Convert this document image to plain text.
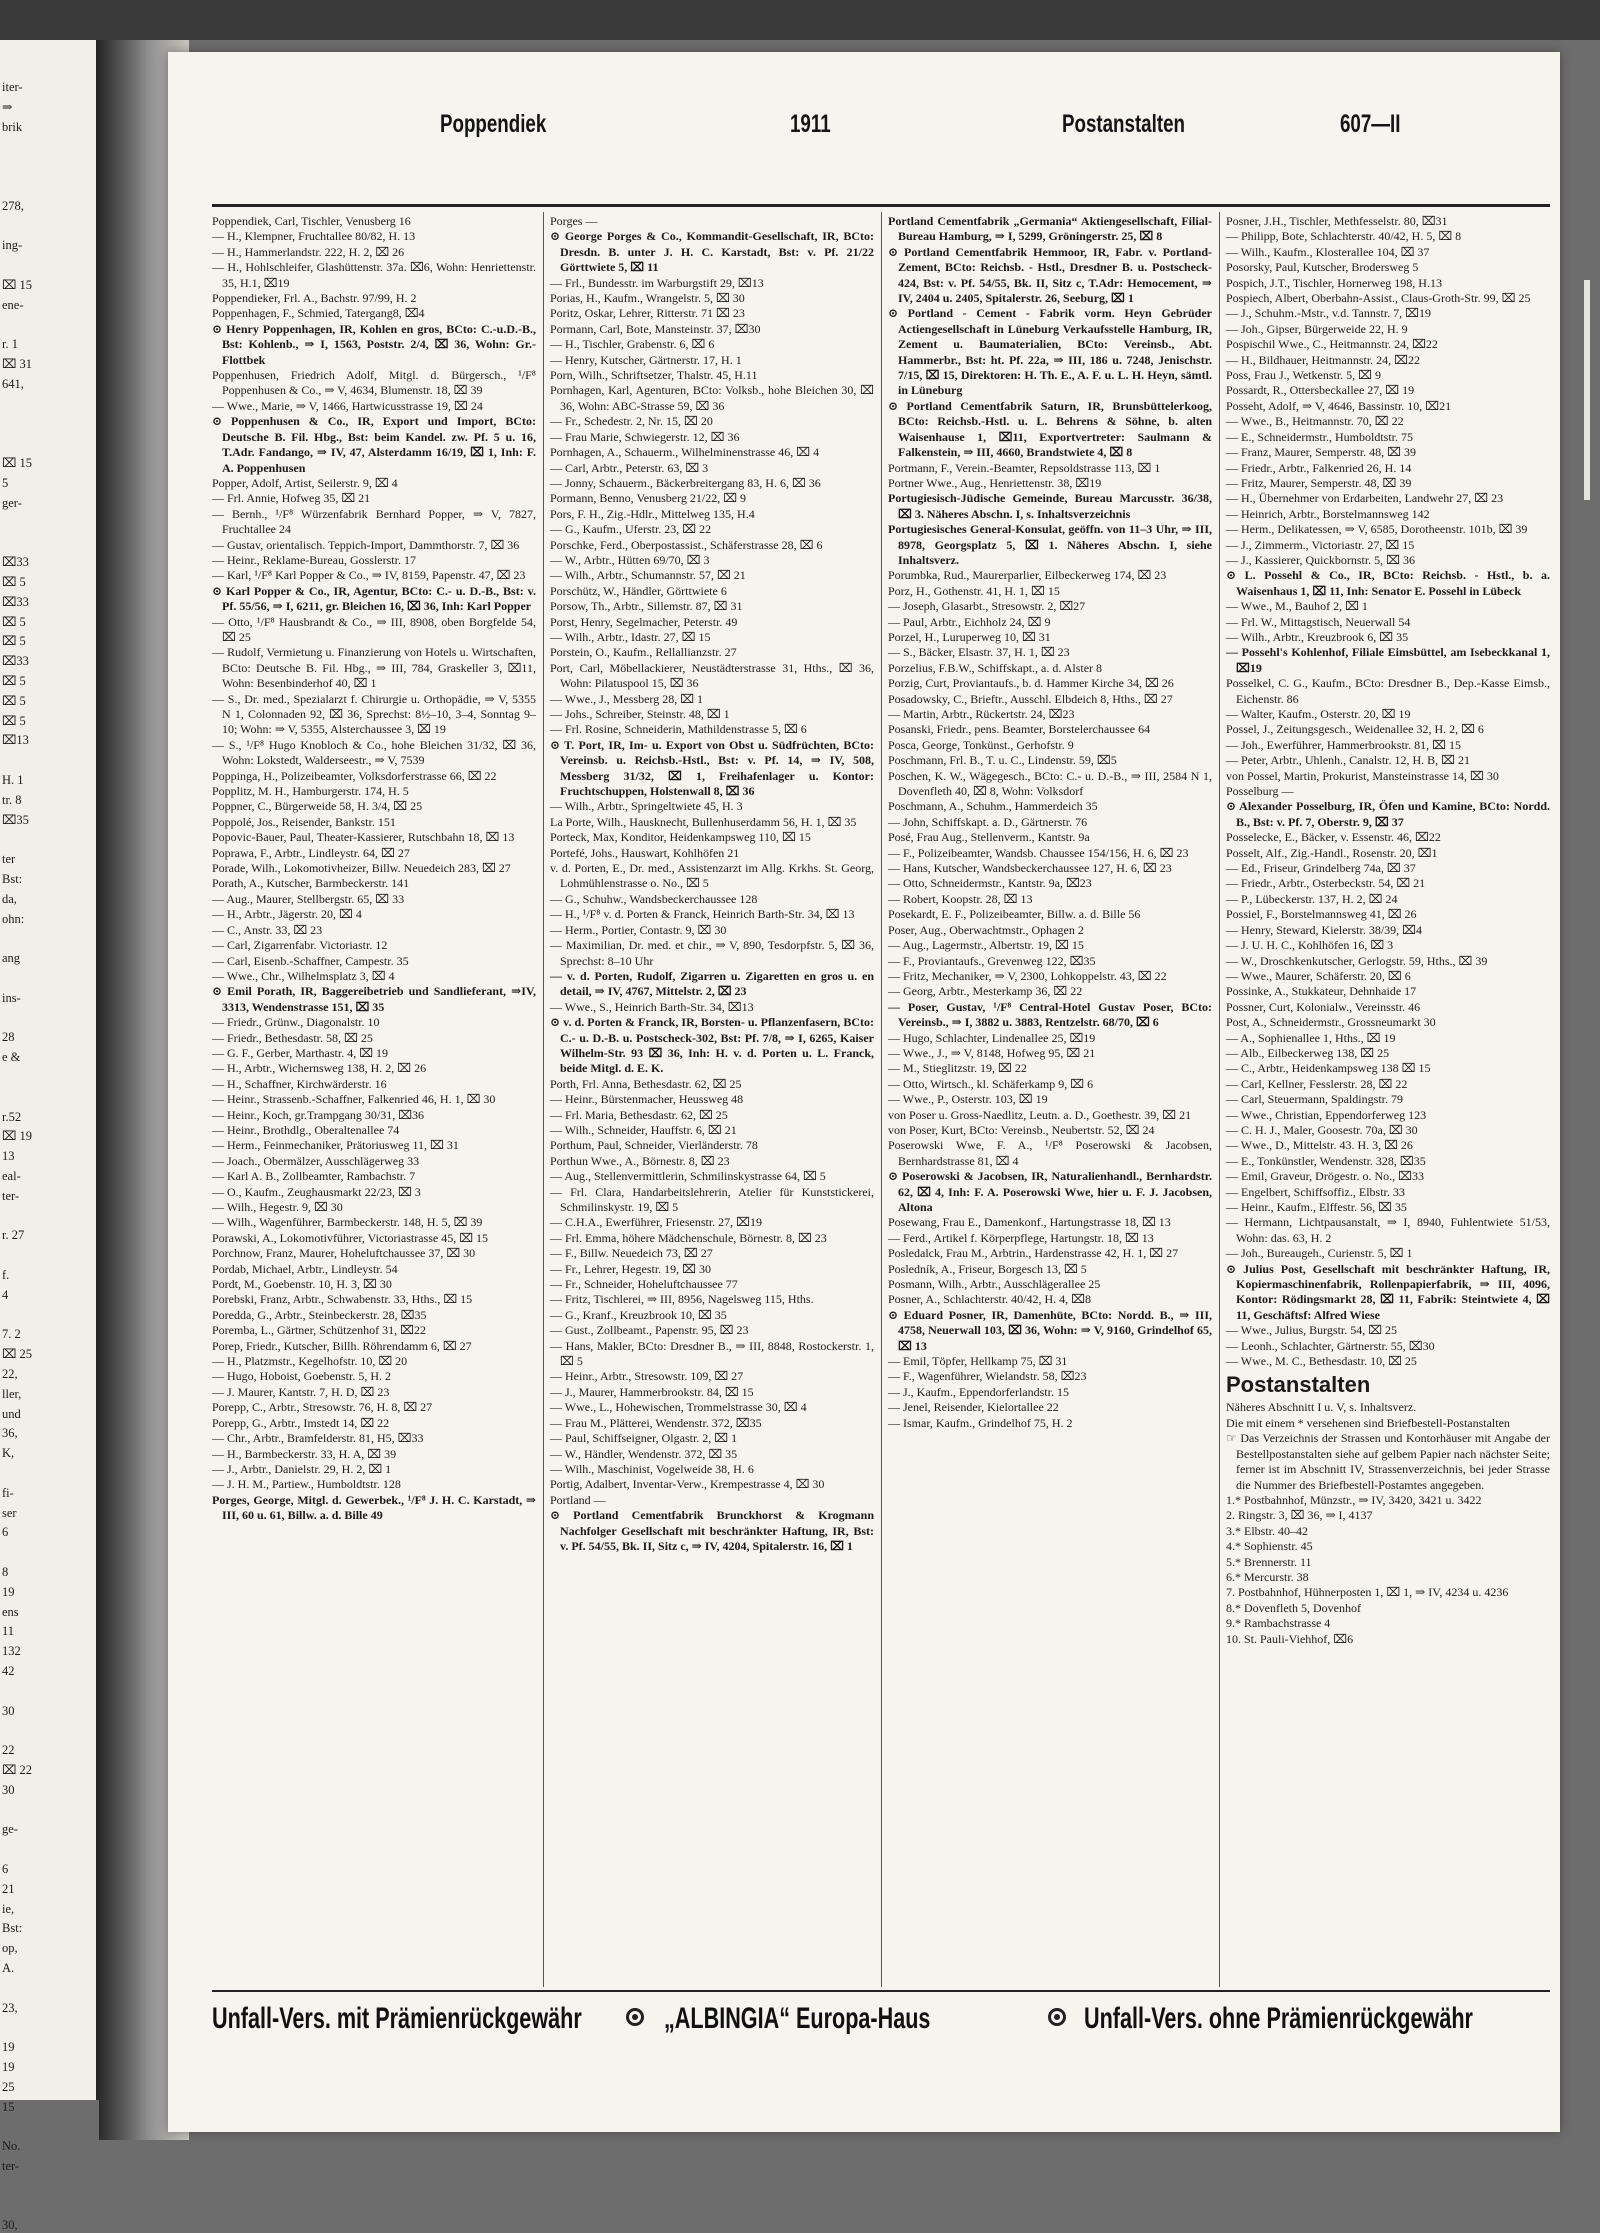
iter-
⇒
brik
278,
ing-
⌧ 15
ene-
r. 1
⌧ 31
641,
⌧ 15
5
ger-
⌧33
⌧ 5
⌧33
⌧ 5
⌧ 5
⌧33
⌧ 5
⌧ 5
⌧ 5
⌧13
H. 1
tr. 8
⌧35
ter
Bst:
da,
ohn:
ang
ins-
28
e &
r.52
⌧ 19
13
eal-
ter-
r. 27
f.
4
7. 2
⌧ 25
22,
ller,
und
36,
K,
fi-
ser
6
8
19
ens
11
132
42
30
22
⌧ 22
30
ge-
6
21
ie,
Bst:
op,
A.
23,
19
19
25
15
No.
ter-
30,
Poppendiek	1911	Postanstalten	607—II
Poppendiek, Carl, Tischler, Venusberg 16
— H., Klempner, Fruchtallee 80/82, H. 13
— H., Hammerlandstr. 222, H. 2, ⌧ 26
— H., Hohlschleifer, Glashüttenstr. 37a. ⌧6, Wohn: Henriettenstr. 35, H.1, ⌧19
Poppendieker, Frl. A., Bachstr. 97/99, H. 2
Poppenhagen, F., Schmied, Tatergang8, ⌧4
⊙ Henry Poppenhagen, IR, Kohlen en gros, BCto: C.-u.D.-B., Bst: Kohlenb., ⇒ I, 1563, Poststr. 2/4, ⌧ 36, Wohn: Gr.-Flottbek
Poppenhusen, Friedrich Adolf, Mitgl. d. Bürgersch., ¹/F⁸ Poppenhusen & Co., ⇒ V, 4634, Blumenstr. 18, ⌧ 39
— Wwe., Marie, ⇒ V, 1466, Hartwicusstrasse 19, ⌧ 24
⊙ Poppenhusen & Co., IR, Export und Import, BCto: Deutsche B. Fil. Hbg., Bst: beim Kandel. zw. Pf. 5 u. 16, T.Adr. Fandango, ⇒ IV, 47, Alsterdamm 16/19, ⌧ 1, Inh: F. A. Poppenhusen
Popper, Adolf, Artist, Seilerstr. 9, ⌧ 4
— Frl. Annie, Hofweg 35, ⌧ 21
— Bernh., ¹/F⁸ Würzenfabrik Bernhard Popper, ⇒ V, 7827, Fruchtallee 24
— Gustav, orientalisch. Teppich-Import, Dammthorstr. 7, ⌧ 36
— Heinr., Reklame-Bureau, Gosslerstr. 17
— Karl, ¹/F⁸ Karl Popper & Co., ⇒ IV, 8159, Papenstr. 47, ⌧ 23
⊙ Karl Popper & Co., IR, Agentur, BCto: C.- u. D.-B., Bst: v. Pf. 55/56, ⇒ I, 6211, gr. Bleichen 16, ⌧ 36, Inh: Karl Popper
— Otto, ¹/F⁸ Hausbrandt & Co., ⇒ III, 8908, oben Borgfelde 54, ⌧ 25
— Rudolf, Vermietung u. Finanzierung von Hotels u. Wirtschaften, BCto: Deutsche B. Fil. Hbg., ⇒ III, 784, Graskeller 3, ⌧11, Wohn: Besenbinderhof 40, ⌧ 1
— S., Dr. med., Spezialarzt f. Chirurgie u. Orthopädie, ⇒ V, 5355 N 1, Colonnaden 92, ⌧ 36, Sprechst: 8½–10, 3–4, Sonntag 9–10; Wohn: ⇒ V, 5355, Alsterchaussee 3, ⌧ 19
— S., ¹/F⁸ Hugo Knobloch & Co., hohe Bleichen 31/32, ⌧ 36, Wohn: Lokstedt, Walderseestr., ⇒ V, 7539
Poppinga, H., Polizeibeamter, Volksdorferstrasse 66, ⌧ 22
Popplitz, M. H., Hamburgerstr. 174, H. 5
Poppner, C., Bürgerweide 58, H. 3/4, ⌧ 25
Poppolé, Jos., Reisender, Bankstr. 151
Popovic-Bauer, Paul, Theater-Kassierer, Rutschbahn 18, ⌧ 13
Poprawa, F., Arbtr., Lindleystr. 64, ⌧ 27
Porade, Wilh., Lokomotivheizer, Billw. Neuedeich 283, ⌧ 27
Porath, A., Kutscher, Barmbeckerstr. 141
— Aug., Maurer, Stellbergstr. 65, ⌧ 33
— H., Arbtr., Jägerstr. 20, ⌧ 4
— C., Anstr. 33, ⌧ 23
— Carl, Zigarrenfabr. Victoriastr. 12
— Carl, Eisenb.-Schaffner, Campestr. 35
— Wwe., Chr., Wilhelmsplatz 3, ⌧ 4
⊙ Emil Porath, IR, Baggereibetrieb und Sandlieferant, ⇒IV, 3313, Wendenstrasse 151, ⌧ 35
— Friedr., Grünw., Diagonalstr. 10
— Friedr., Bethesdastr. 58, ⌧ 25
— G. F., Gerber, Marthastr. 4, ⌧ 19
— H., Arbtr., Wichernsweg 138, H. 2, ⌧ 26
— H., Schaffner, Kirchwärderstr. 16
— Heinr., Strassenb.-Schaffner, Falkenried 46, H. 1, ⌧ 30
— Heinr., Koch, gr.Trampgang 30/31, ⌧36
— Heinr., Brothdlg., Oberaltenallee 74
— Herm., Feinmechaniker, Prätoriusweg 11, ⌧ 31
— Joach., Obermälzer, Ausschlägerweg 33
— Karl A. B., Zollbeamter, Rambachstr. 7
— O., Kaufm., Zeughausmarkt 22/23, ⌧ 3
— Wilh., Hegestr. 9, ⌧ 30
— Wilh., Wagenführer, Barmbeckerstr. 148, H. 5, ⌧ 39
Porawski, A., Lokomotivführer, Victoriastrasse 45, ⌧ 15
Porchnow, Franz, Maurer, Hoheluftchaussee 37, ⌧ 30
Pordab, Michael, Arbtr., Lindleystr. 54
Pordt, M., Goebenstr. 10, H. 3, ⌧ 30
Porebski, Franz, Arbtr., Schwabenstr. 33, Hths., ⌧ 15
Poredda, G., Arbtr., Steinbeckerstr. 28, ⌧35
Poremba, L., Gärtner, Schützenhof 31, ⌧22
Porep, Friedr., Kutscher, Billh. Röhrendamm 6, ⌧ 27
— H., Platzmstr., Kegelhofstr. 10, ⌧ 20
— Hugo, Hoboist, Goebenstr. 5, H. 2
— J. Maurer, Kantstr. 7, H. D, ⌧ 23
Porepp, C., Arbtr., Stresowstr. 76, H. 8, ⌧ 27
Porepp, G., Arbtr., Imstedt 14, ⌧ 22
— Chr., Arbtr., Bramfelderstr. 81, H5, ⌧33
— H., Barmbeckerstr. 33, H. A, ⌧ 39
— J., Arbtr., Danielstr. 29, H. 2, ⌧ 1
— J. H. M., Partiew., Humboldtstr. 128
Porges, George, Mitgl. d. Gewerbek., ¹/F⁸ J. H. C. Karstadt, ⇒ III, 60 u. 61, Billw. a. d. Bille 49
Porges —
⊙ George Porges & Co., Kommandit-Gesellschaft, IR, BCto: Dresdn. B. unter J. H. C. Karstadt, Bst: v. Pf. 21/22 Görttwiete 5, ⌧ 11
— Frl., Bundesstr. im Warburgstift 29, ⌧13
Porias, H., Kaufm., Wrangelstr. 5, ⌧ 30
Poritz, Oskar, Lehrer, Ritterstr. 71 ⌧ 23
Pormann, Carl, Bote, Mansteinstr. 37, ⌧30
— H., Tischler, Grabenstr. 6, ⌧ 6
— Henry, Kutscher, Gärtnerstr. 17, H. 1
Porn, Wilh., Schriftsetzer, Thalstr. 45, H.11
Pornhagen, Karl, Agenturen, BCto: Volksb., hohe Bleichen 30, ⌧ 36, Wohn: ABC-Strasse 59, ⌧ 36
— Fr., Schedestr. 2, Nr. 15, ⌧ 20
— Frau Marie, Schwiegerstr. 12, ⌧ 36
Pornhagen, A., Schauerm., Wilhelminenstrasse 46, ⌧ 4
— Carl, Arbtr., Peterstr. 63, ⌧ 3
— Jonny, Schauerm., Bäckerbreitergang 83, H. 6, ⌧ 36
Pormann, Benno, Venusberg 21/22, ⌧ 9
Pors, F. H., Zig.-Hdlr., Mittelweg 135, H.4
— G., Kaufm., Uferstr. 23, ⌧ 22
Porschke, Ferd., Oberpostassist., Schäferstrasse 28, ⌧ 6
— W., Arbtr., Hütten 69/70, ⌧ 3
— Wilh., Arbtr., Schumannstr. 57, ⌧ 21
Porschütz, W., Händler, Görttwiete 6
Porsow, Th., Arbtr., Sillemstr. 87, ⌧ 31
Porst, Henry, Segelmacher, Peterstr. 49
— Wilh., Arbtr., Idastr. 27, ⌧ 15
Porstein, O., Kaufm., Rellallianzstr. 27
Port, Carl, Möbellackierer, Neustädterstrasse 31, Hths., ⌧ 36, Wohn: Pilatuspool 15, ⌧ 36
— Wwe., J., Messberg 28, ⌧ 1
— Johs., Schreiber, Steinstr. 48, ⌧ 1
— Frl. Rosine, Schneiderin, Mathildenstrasse 5, ⌧ 6
⊙ T. Port, IR, Im- u. Export von Obst u. Südfrüchten, BCto: Vereinsb. u. Reichsb.-Hstl., Bst: v. Pf. 14, ⇒ IV, 508, Messberg 31/32, ⌧ 1, Freihafenlager u. Kontor: Fruchtschuppen, Holstenwall 8, ⌧ 36
— Wilh., Arbtr., Springeltwiete 45, H. 3
La Porte, Wilh., Hausknecht, Bullenhuserdamm 56, H. 1, ⌧ 35
Porteck, Max, Konditor, Heidenkampsweg 110, ⌧ 15
Portefé, Johs., Hauswart, Kohlhöfen 21
v. d. Porten, E., Dr. med., Assistenzarzt im Allg. Krkhs. St. Georg, Lohmühlenstrasse o. No., ⌧ 5
— G., Schuhw., Wandsbeckerchaussee 128
— H., ¹/F⁸ v. d. Porten & Franck, Heinrich Barth-Str. 34, ⌧ 13
— Herm., Portier, Contastr. 9, ⌧ 30
— Maximilian, Dr. med. et chir., ⇒ V, 890, Tesdorpfstr. 5, ⌧ 36, Sprechst: 8–10 Uhr
— v. d. Porten, Rudolf, Zigarren u. Zigaretten en gros u. en detail, ⇒ IV, 4767, Mittelstr. 2, ⌧ 23
— Wwe., S., Heinrich Barth-Str. 34, ⌧13
⊙ v. d. Porten & Franck, IR, Borsten- u. Pflanzenfasern, BCto: C.- u. D.-B. u. Postscheck-302, Bst: Pf. 7/8, ⇒ I, 6265, Kaiser Wilhelm-Str. 93 ⌧ 36, Inh: H. v. d. Porten u. L. Franck, beide Mitgl. d. E. K.
Porth, Frl. Anna, Bethesdastr. 62, ⌧ 25
— Heinr., Bürstenmacher, Heussweg 48
— Frl. Maria, Bethesdastr. 62, ⌧ 25
— Wilh., Schneider, Hauffstr. 6, ⌧ 21
Porthum, Paul, Schneider, Vierländerstr. 78
Porthun Wwe., A., Börnestr. 8, ⌧ 23
— Aug., Stellenvermittlerin, Schmilinskystrasse 64, ⌧ 5
— Frl. Clara, Handarbeitslehrerin, Atelier für Kunststickerei, Schmilinskystr. 19, ⌧ 5
— C.H.A., Ewerführer, Friesenstr. 27, ⌧19
— Frl. Emma, höhere Mädchenschule, Börnestr. 8, ⌧ 23
— F., Billw. Neuedeich 73, ⌧ 27
— Fr., Lehrer, Hegestr. 19, ⌧ 30
— Fr., Schneider, Hoheluftchaussee 77
— Fritz, Tischlerei, ⇒ III, 8956, Nagelsweg 115, Hths.
— G., Kranf., Kreuzbrook 10, ⌧ 35
— Gust., Zollbeamt., Papenstr. 95, ⌧ 23
— Hans, Makler, BCto: Dresdner B., ⇒ III, 8848, Rostockerstr. 1, ⌧ 5
— Heinr., Arbtr., Stresowstr. 109, ⌧ 27
— J., Maurer, Hammerbrookstr. 84, ⌧ 15
— Wwe., L., Hohewischen, Trommelstrasse 30, ⌧ 4
— Frau M., Plätterei, Wendenstr. 372, ⌧35
— Paul, Schiffseigner, Olgastr. 2, ⌧ 1
— W., Händler, Wendenstr. 372, ⌧ 35
— Wilh., Maschinist, Vogelweide 38, H. 6
Portig, Adalbert, Inventar-Verw., Krempestrasse 4, ⌧ 30
Portland —
⊙ Portland Cementfabrik Brunckhorst & Krogmann Nachfolger Gesellschaft mit beschränkter Haftung, IR, Bst: v. Pf. 54/55, Bk. II, Sitz c, ⇒ IV, 4204, Spitalerstr. 16, ⌧ 1
Portland Cementfabrik „Germania“ Aktiengesellschaft, Filial-Bureau Hamburg, ⇒ I, 5299, Gröningerstr. 25, ⌧ 8
⊙ Portland Cementfabrik Hemmoor, IR, Fabr. v. Portland-Zement, BCto: Reichsb. - Hstl., Dresdner B. u. Postscheck-424, Bst: v. Pf. 54/55, Bk. II, Sitz c, T.Adr: Hemocement, ⇒ IV, 2404 u. 2405, Spitalerstr. 26, Seeburg, ⌧ 1
⊙ Portland - Cement - Fabrik vorm. Heyn Gebrüder Actiengesellschaft in Lüneburg Verkaufsstelle Hamburg, IR, Zement u. Baumaterialien, BCto: Vereinsb., Abt. Hammerbr., Bst: ht. Pf. 22a, ⇒ III, 186 u. 7248, Jenischstr. 7/15, ⌧ 15, Direktoren: H. Th. E., A. F. u. L. H. Heyn, sämtl. in Lüneburg
⊙ Portland Cementfabrik Saturn, IR, Brunsbüttelerkoog, BCto: Reichsb.-Hstl. u. L. Behrens & Söhne, b. alten Waisenhause 1, ⌧11, Exportvertreter: Saulmann & Falkenstein, ⇒ III, 4660, Brandstwiete 4, ⌧ 8
Portmann, F., Verein.-Beamter, Repsoldstrasse 113, ⌧ 1
Portner Wwe., Aug., Henriettenstr. 38, ⌧19
Portugiesisch-Jüdische Gemeinde, Bureau Marcusstr. 36/38, ⌧ 3. Näheres Abschn. I, s. Inhaltsverzeichnis
Portugiesisches General-Konsulat, geöffn. von 11–3 Uhr, ⇒ III, 8978, Georgsplatz 5, ⌧ 1. Näheres Abschn. I, siehe Inhaltsverz.
Porumbka, Rud., Maurerparlier, Eilbeckerweg 174, ⌧ 23
Porz, H., Gothenstr. 41, H. 1, ⌧ 15
— Joseph, Glasarbt., Stresowstr. 2, ⌧27
— Paul, Arbtr., Eichholz 24, ⌧ 9
Porzel, H., Luruperweg 10, ⌧ 31
— S., Bäcker, Elsastr. 37, H. 1, ⌧ 23
Porzelius, F.B.W., Schiffskapt., a. d. Alster 8
Porzig, Curt, Proviantaufs., b. d. Hammer Kirche 34, ⌧ 26
Posadowsky, C., Brieftr., Ausschl. Elbdeich 8, Hths., ⌧ 27
— Martin, Arbtr., Rückertstr. 24, ⌧23
Posanski, Friedr., pens. Beamter, Borstelerchaussee 64
Posca, George, Tonkünst., Gerhofstr. 9
Poschmann, Frl. B., T. u. C., Lindenstr. 59, ⌧5
Poschen, K. W., Wägegesch., BCto: C.- u. D.-B., ⇒ III, 2584 N 1, Dovenfleth 40, ⌧ 8, Wohn: Volksdorf
Poschmann, A., Schuhm., Hammerdeich 35
— John, Schiffskapt. a. D., Gärtnerstr. 76
Posé, Frau Aug., Stellenverm., Kantstr. 9a
— F., Polizeibeamter, Wandsb. Chaussee 154/156, H. 6, ⌧ 23
— Hans, Kutscher, Wandsbeckerchaussee 127, H. 6, ⌧ 23
— Otto, Schneidermstr., Kantstr. 9a, ⌧23
— Robert, Koopstr. 28, ⌧ 13
Posekardt, E. F., Polizeibeamter, Billw. a. d. Bille 56
Poser, Aug., Oberwachtmstr., Ophagen 2
— Aug., Lagermstr., Albertstr. 19, ⌧ 15
— F., Proviantaufs., Grevenweg 122, ⌧35
— Fritz, Mechaniker, ⇒ V, 2300, Lohkoppelstr. 43, ⌧ 22
— Georg, Arbtr., Mesterkamp 36, ⌧ 22
— Poser, Gustav, ¹/F⁸ Central-Hotel Gustav Poser, BCto: Vereinsb., ⇒ I, 3882 u. 3883, Rentzelstr. 68/70, ⌧ 6
— Hugo, Schlachter, Lindenallee 25, ⌧19
— Wwe., J., ⇒ V, 8148, Hofweg 95, ⌧ 21
— M., Stieglitzstr. 19, ⌧ 22
— Otto, Wirtsch., kl. Schäferkamp 9, ⌧ 6
— Wwe., P., Osterstr. 103, ⌧ 19
von Poser u. Gross-Naedlitz, Leutn. a. D., Goethestr. 39, ⌧ 21
von Poser, Kurt, BCto: Vereinsb., Neubertstr. 52, ⌧ 24
Poserowski Wwe, F. A., ¹/F⁸ Poserowski & Jacobsen, Bernhardstrasse 81, ⌧ 4
⊙ Poserowski & Jacobsen, IR, Naturalienhandl., Bernhardstr. 62, ⌧ 4, Inh: F. A. Poserowski Wwe, hier u. F. J. Jacobsen, Altona
Posewang, Frau E., Damenkonf., Hartungstrasse 18, ⌧ 13
— Ferd., Artikel f. Körperpflege, Hartungstr. 18, ⌧ 13
Posledalck, Frau M., Arbtrin., Hardenstrasse 42, H. 1, ⌧ 27
Posledník, A., Friseur, Borgesch 13, ⌧ 5
Posmann, Wilh., Arbtr., Ausschlägerallee 25
Posner, A., Schlachterstr. 40/42, H. 4, ⌧8
⊙ Eduard Posner, IR, Damenhüte, BCto: Nordd. B., ⇒ III, 4758, Neuerwall 103, ⌧ 36, Wohn: ⇒ V, 9160, Grindelhof 65, ⌧ 13
— Emil, Töpfer, Hellkamp 75, ⌧ 31
— F., Wagenführer, Wielandstr. 58, ⌧23
— J., Kaufm., Eppendorferlandstr. 15
— Jenel, Reisender, Kielortallee 22
— Ismar, Kaufm., Grindelhof 75, H. 2
Posner, J.H., Tischler, Methfesselstr. 80, ⌧31
— Philipp, Bote, Schlachterstr. 40/42, H. 5, ⌧ 8
— Wilh., Kaufm., Klosterallee 104, ⌧ 37
Posorsky, Paul, Kutscher, Brodersweg 5
Pospich, J.T., Tischler, Hornerweg 198, H.13
Pospiech, Albert, Oberbahn-Assist., Claus-Groth-Str. 99, ⌧ 25
— J., Schuhm.-Mstr., v.d. Tannstr. 7, ⌧19
— Joh., Gipser, Bürgerweide 22, H. 9
Pospischil Wwe., C., Heitmannstr. 24, ⌧22
— H., Bildhauer, Heitmannstr. 24, ⌧22
Poss, Frau J., Wetkenstr. 5, ⌧ 9
Possardt, R., Ottersbeckallee 27, ⌧ 19
Posseht, Adolf, ⇒ V, 4646, Bassinstr. 10, ⌧21
— Wwe., B., Heitmannstr. 70, ⌧ 22
— E., Schneidermstr., Humboldtstr. 75
— Franz, Maurer, Semperstr. 48, ⌧ 39
— Friedr., Arbtr., Falkenried 26, H. 14
— Fritz, Maurer, Semperstr. 48, ⌧ 39
— H., Übernehmer von Erdarbeiten, Landwehr 27, ⌧ 23
— Heinrich, Arbtr., Borstelmannsweg 142
— Herm., Delikatessen, ⇒ V, 6585, Dorotheenstr. 101b, ⌧ 39
— J., Zimmerm., Victoriastr. 27, ⌧ 15
— J., Kassierer, Quickbornstr. 5, ⌧ 36
⊙ L. Possehl & Co., IR, BCto: Reichsb. - Hstl., b. a. Waisenhaus 1, ⌧ 11, Inh: Senator E. Possehl in Lübeck
— Wwe., M., Bauhof 2, ⌧ 1
— Frl. W., Mittagstisch, Neuerwall 54
— Wilh., Arbtr., Kreuzbrook 6, ⌧ 35
— Possehl's Kohlenhof, Filiale Eimsbüttel, am Isebeckkanal 1, ⌧19
Posselkel, C. G., Kaufm., BCto: Dresdner B., Dep.-Kasse Eimsb., Eichenstr. 86
— Walter, Kaufm., Osterstr. 20, ⌧ 19
Possel, J., Zeitungsgesch., Weidenallee 32, H. 2, ⌧ 6
— Joh., Ewerführer, Hammerbrookstr. 81, ⌧ 15
— Peter, Arbtr., Uhlenh., Canalstr. 12, H. B, ⌧ 21
von Possel, Martin, Prokurist, Mansteinstrasse 14, ⌧ 30
Posselburg —
⊙ Alexander Posselburg, IR, Öfen und Kamine, BCto: Nordd. B., Bst: v. Pf. 7, Oberstr. 9, ⌧ 37
Posselecke, E., Bäcker, v. Essenstr. 46, ⌧22
Posselt, Alf., Zig.-Handl., Rosenstr. 20, ⌧1
— Ed., Friseur, Grindelberg 74a, ⌧ 37
— Friedr., Arbtr., Osterbeckstr. 54, ⌧ 21
— P., Lübeckerstr. 137, H. 2, ⌧ 24
Possiel, F., Borstelmannsweg 41, ⌧ 26
— Henry, Steward, Kielerstr. 38/39, ⌧4
— J. U. H. C., Kohlhöfen 16, ⌧ 3
— W., Droschkenkutscher, Gerlogstr. 59, Hths., ⌧ 39
— Wwe., Maurer, Schäferstr. 20, ⌧ 6
Possinke, A., Stukkateur, Dehnhaide 17
Possner, Curt, Kolonialw., Vereinsstr. 46
Post, A., Schneidermstr., Grossneumarkt 30
— A., Sophienallee 1, Hths., ⌧ 19
— Alb., Eilbeckerweg 138, ⌧ 25
— C., Arbtr., Heidenkampsweg 138 ⌧ 15
— Carl, Kellner, Fesslerstr. 28, ⌧ 22
— Carl, Steuermann, Spaldingstr. 79
— Wwe., Christian, Eppendorferweg 123
— C. H. J., Maler, Goosestr. 70a, ⌧ 30
— Wwe., D., Mittelstr. 43. H. 3, ⌧ 26
— E., Tonkünstler, Wendenstr. 328, ⌧35
— Emil, Graveur, Drögestr. o. No., ⌧33
— Engelbert, Schiffsoffiz., Elbstr. 33
— Heinr., Kaufm., Elffestr. 56, ⌧ 35
— Hermann, Lichtpausanstalt, ⇒ I, 8940, Fuhlentwiete 51/53, Wohn: das. 63, H. 2
— Joh., Bureaugeh., Curienstr. 5, ⌧ 1
⊙ Julius Post, Gesellschaft mit beschränkter Haftung, IR, Kopiermaschinenfabrik, Rollenpapierfabrik, ⇒ III, 4096, Kontor: Rödingsmarkt 28, ⌧ 11, Fabrik: Steintwiete 4, ⌧ 11, Geschäftsf: Alfred Wiese
— Wwe., Julius, Burgstr. 54, ⌧ 25
— Leonh., Schlachter, Gärtnerstr. 55, ⌧30
— Wwe., M. C., Bethesdastr. 10, ⌧ 25
Postanstalten
Näheres Abschnitt I u. V, s. Inhaltsverz.
Die mit einem * versehenen sind Briefbestell-Postanstalten
☞ Das Verzeichnis der Strassen und Kontorhäuser mit Angabe der Bestellpostanstalten siehe auf gelbem Papier nach nächster Seite; ferner ist im Abschnitt IV, Strassenverzeichnis, bei jeder Strasse die Nummer des Briefbestell-Postamtes angegeben.
1.* Postbahnhof, Münzstr., ⇒ IV, 3420, 3421 u. 3422
2. Ringstr. 3, ⌧ 36, ⇒ I, 4137
3.* Elbstr. 40–42
4.* Sophienstr. 45
5.* Brennerstr. 11
6.* Mercurstr. 38
7. Postbahnhof, Hühnerposten 1, ⌧ 1, ⇒ IV, 4234 u. 4236
8.* Dovenfleth 5, Dovenhof
9.* Rambachstrasse 4
10. St. Pauli-Viehhof, ⌧6
Unfall-Vers. mit Prämienrückgewähr	„ALBINGIA“ Europa-Haus	Unfall-Vers. ohne Prämienrückgewähr
